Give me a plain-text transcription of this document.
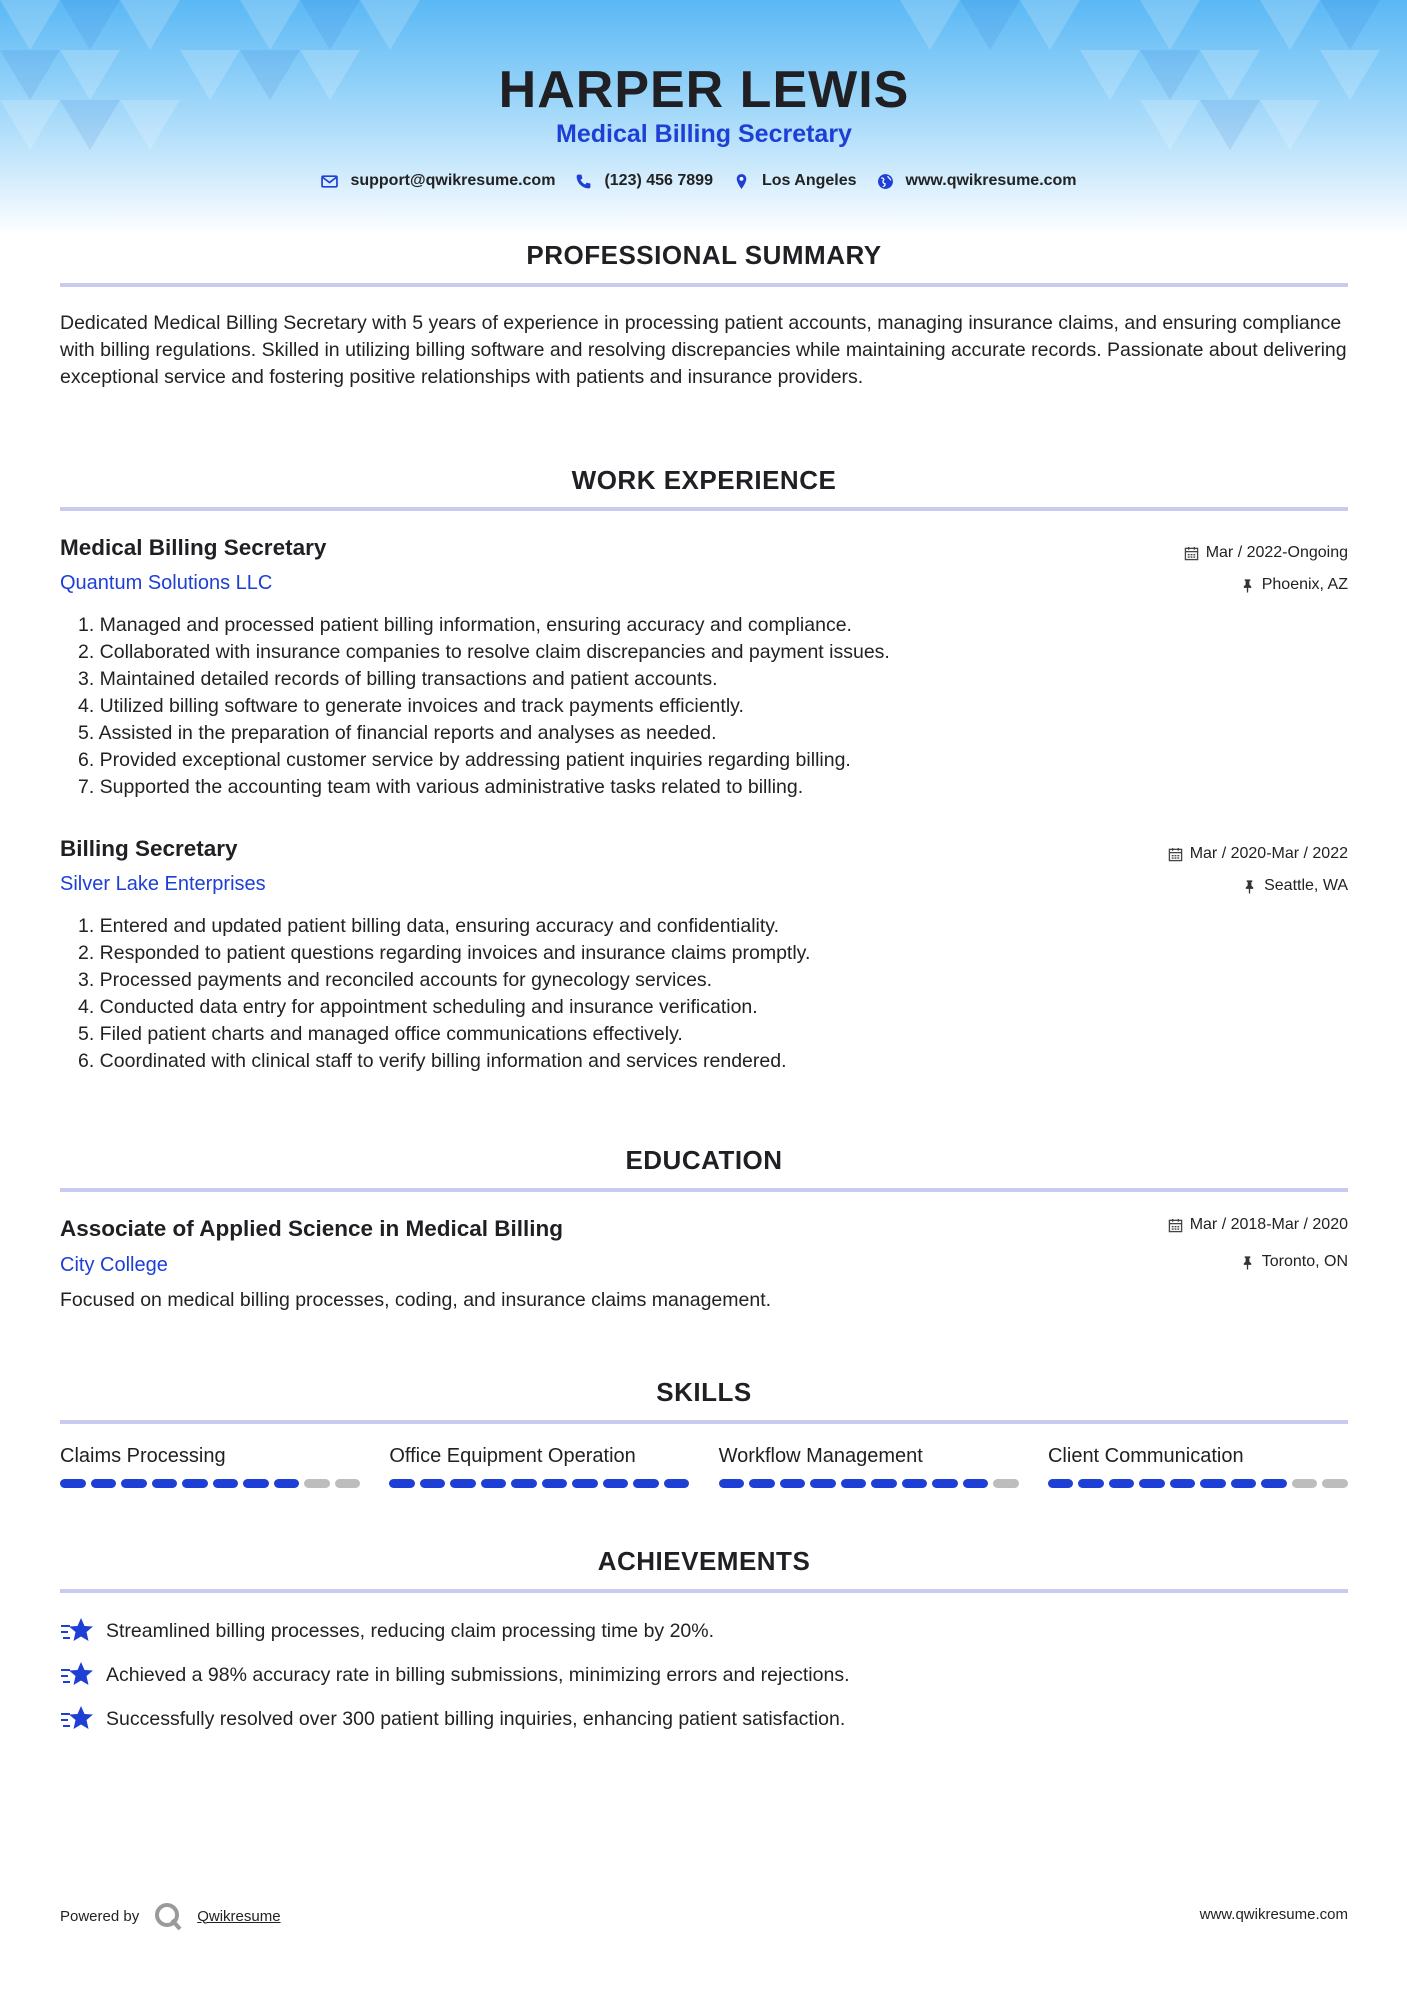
HARPER LEWIS
Medical Billing Secretary
support@qwikresume.com	(123) 456 7899	Los Angeles	www.qwikresume.com
PROFESSIONAL SUMMARY
Dedicated Medical Billing Secretary with 5 years of experience in processing patient accounts, managing insurance claims, and ensuring compliance with billing regulations. Skilled in utilizing billing software and resolving discrepancies while maintaining accurate records. Passionate about delivering exceptional service and fostering positive relationships with patients and insurance providers.
WORK EXPERIENCE
Medical Billing Secretary
Quantum Solutions LLC
Mar / 2022-Ongoing
Phoenix, AZ
1. Managed and processed patient billing information, ensuring accuracy and compliance.
2. Collaborated with insurance companies to resolve claim discrepancies and payment issues.
3. Maintained detailed records of billing transactions and patient accounts.
4. Utilized billing software to generate invoices and track payments efficiently.
5. Assisted in the preparation of financial reports and analyses as needed.
6. Provided exceptional customer service by addressing patient inquiries regarding billing.
7. Supported the accounting team with various administrative tasks related to billing.
Billing Secretary
Silver Lake Enterprises
Mar / 2020-Mar / 2022
Seattle, WA
1. Entered and updated patient billing data, ensuring accuracy and confidentiality.
2. Responded to patient questions regarding invoices and insurance claims promptly.
3. Processed payments and reconciled accounts for gynecology services.
4. Conducted data entry for appointment scheduling and insurance verification.
5. Filed patient charts and managed office communications effectively.
6. Coordinated with clinical staff to verify billing information and services rendered.
EDUCATION
Associate of Applied Science in Medical Billing
City College
Mar / 2018-Mar / 2020
Toronto, ON
Focused on medical billing processes, coding, and insurance claims management.
SKILLS
Claims Processing	Office Equipment Operation	Workflow Management	Client Communication
ACHIEVEMENTS
Streamlined billing processes, reducing claim processing time by 20%.
Achieved a 98% accuracy rate in billing submissions, minimizing errors and rejections.
Successfully resolved over 300 patient billing inquiries, enhancing patient satisfaction.
Powered by	Qwikresume	www.qwikresume.com
